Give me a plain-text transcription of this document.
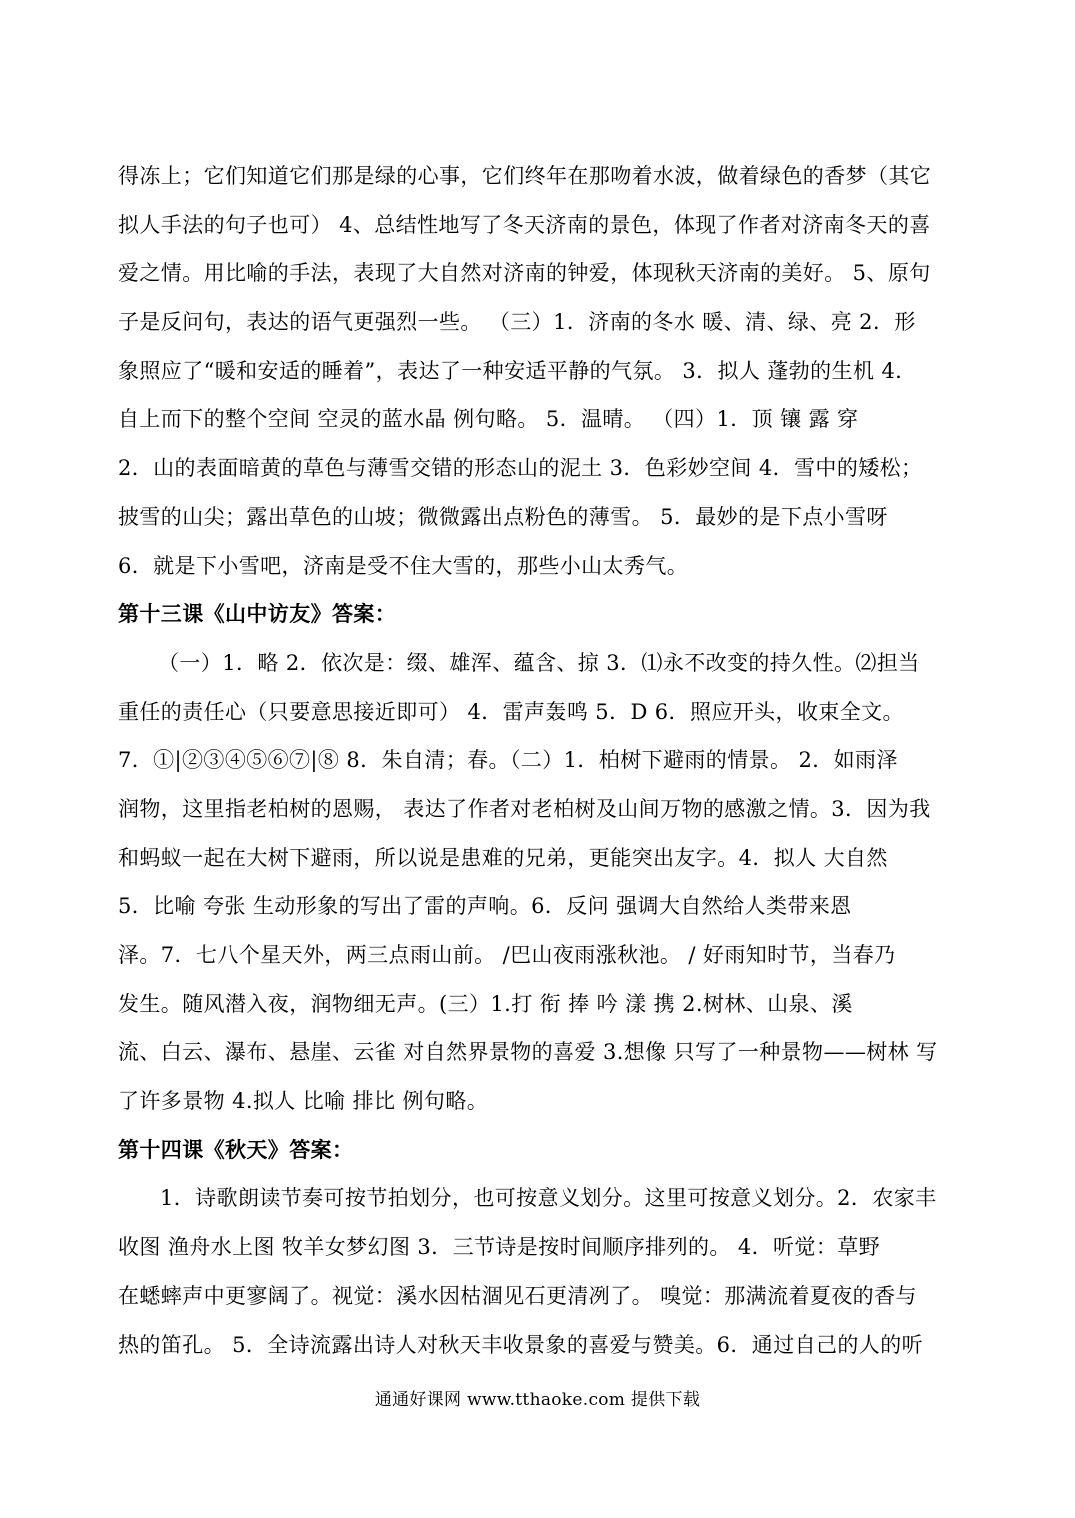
得冻上；它们知道它们那是绿的心事，它们终年在那吻着水波，做着绿色的香梦（其它
拟人手法的句子也可） 4、总结性地写了冬天济南的景色，体现了作者对济南冬天的喜
爱之情。用比喻的手法，表现了大自然对济南的钟爱，体现秋天济南的美好。 5、原句
子是反问句，表达的语气更强烈一些。 （三）1．济南的冬水 暖、清、绿、亮 2．形
象照应了“暖和安适的睡着”，表达了一种安适平静的气氛。 3．拟人 蓬勃的生机 4．
自上而下的整个空间 空灵的蓝水晶 例句略。 5．温晴。 （四）1．顶 镶 露 穿
2．山的表面暗黄的草色与薄雪交错的形态山的泥土 3．色彩妙空间 4．雪中的矮松；
披雪的山尖；露出草色的山坡；微微露出点粉色的薄雪。 5．最妙的是下点小雪呀
6．就是下小雪吧，济南是受不住大雪的，那些小山太秀气。
第十三课《山中访友》答案：
（一）1．略 2．依次是：缀、雄浑、蕴含、掠 3．⑴永不改变的持久性。⑵担当
重任的责任心（只要意思接近即可） 4．雷声轰鸣 5．D 6．照应开头，收束全文。
7．①|②③④⑤⑥⑦|⑧ 8．朱自清；春。（二）1．柏树下避雨的情景。 2．如雨泽
润物，这里指老柏树的恩赐， 表达了作者对老柏树及山间万物的感激之情。3．因为我
和蚂蚁一起在大树下避雨，所以说是患难的兄弟，更能突出友字。4．拟人 大自然
5．比喻 夸张 生动形象的写出了雷的声响。6．反问 强调大自然给人类带来恩
泽。7．七八个星天外，两三点雨山前。 /巴山夜雨涨秋池。 / 好雨知时节，当春乃
发生。随风潜入夜，润物细无声。(三）1.打 衔 捧 吟 漾 携 2.树林、山泉、溪
流、白云、瀑布、悬崖、云雀 对自然界景物的喜爱 3.想像 只写了一种景物——树林 写
了许多景物 4.拟人 比喻 排比 例句略。
第十四课《秋天》答案：
1．诗歌朗读节奏可按节拍划分，也可按意义划分。这里可按意义划分。2．农家丰
收图 渔舟水上图 牧羊女梦幻图 3．三节诗是按时间顺序排列的。 4．听觉：草野
在蟋蟀声中更寥阔了。视觉：溪水因枯涸见石更清冽了。 嗅觉：那满流着夏夜的香与
热的笛孔。 5．全诗流露出诗人对秋天丰收景象的喜爱与赞美。6．通过自己的人的听
通通好课网 www.tthaoke.com 提供下载
